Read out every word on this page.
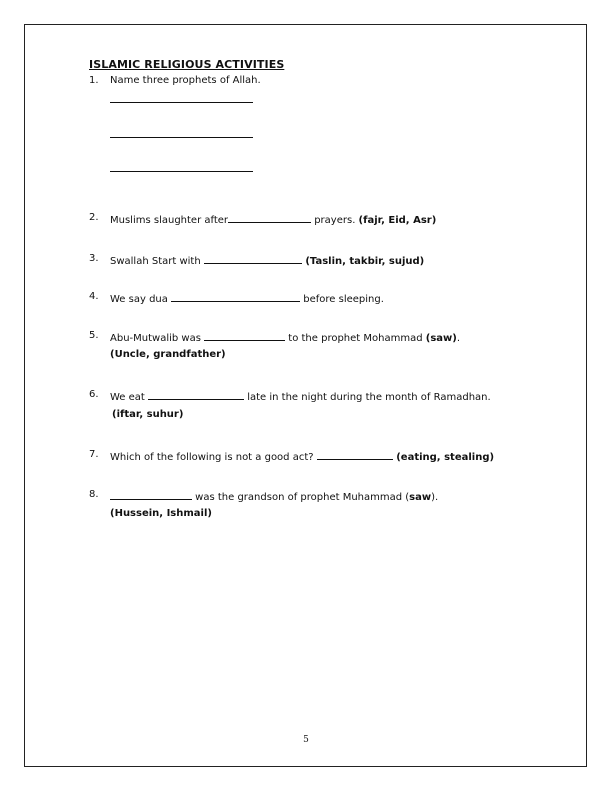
ISLAMIC RELIGIOUS ACTIVITIES
1. Name three prophets of Allah.
2. Muslims slaughter after	prayers. (fajr, Eid, Asr)
3. Swallah Start with	(Taslin, takbir, sujud)
4. We say dua	before sleeping.
5. Abu-Mutwalib was	to the prophet Mohammad (saw).
(Uncle, grandfather)
6. We eat	late in the night during the month of Ramadhan.
(iftar, suhur)
7. Which of the following is not a good act?	(eating, stealing)
8.	was the grandson of prophet Muhammad (saw).
(Hussein, Ishmail)
5
